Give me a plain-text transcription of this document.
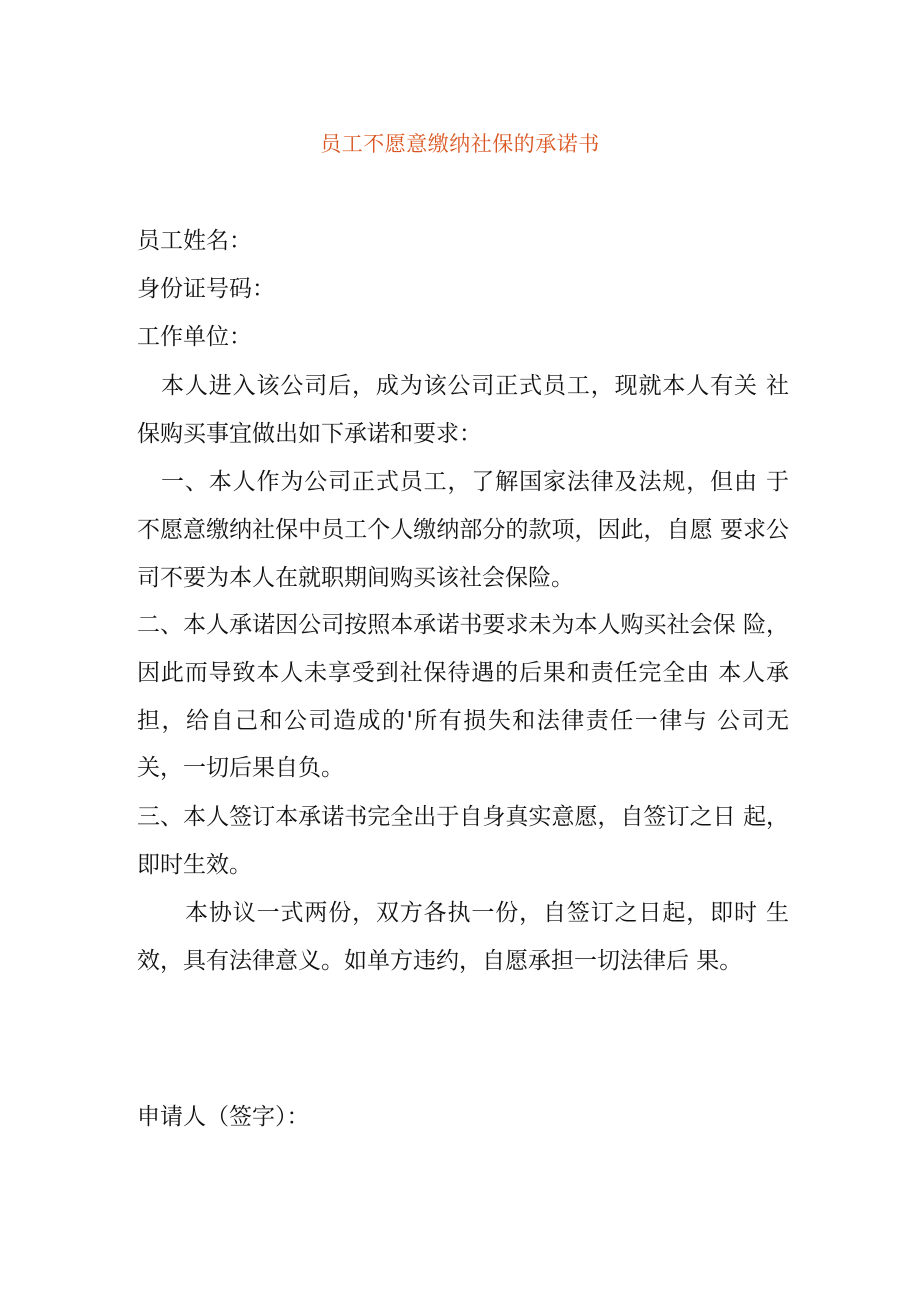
员工不愿意缴纳社保的承诺书
员工姓名：
身份证号码：
工作单位：
本人进入该公司后，成为该公司正式员工，现就本人有关 社保购买事宜做出如下承诺和要求：
一、本人作为公司正式员工，了解国家法律及法规，但由 于不愿意缴纳社保中员工个人缴纳部分的款项，因此，自愿 要求公司不要为本人在就职期间购买该社会保险。
二、本人承诺因公司按照本承诺书要求未为本人购买社会保 险，因此而导致本人未享受到社保待遇的后果和责任完全由 本人承担，给自己和公司造成的'所有损失和法律责任一律与 公司无关，一切后果自负。
三、本人签订本承诺书完全出于自身真实意愿，自签订之日 起，即时生效。
本协议一式两份，双方各执一份，自签订之日起，即时 生效，具有法律意义。如单方违约，自愿承担一切法律后 果。
申请人（签字）：
